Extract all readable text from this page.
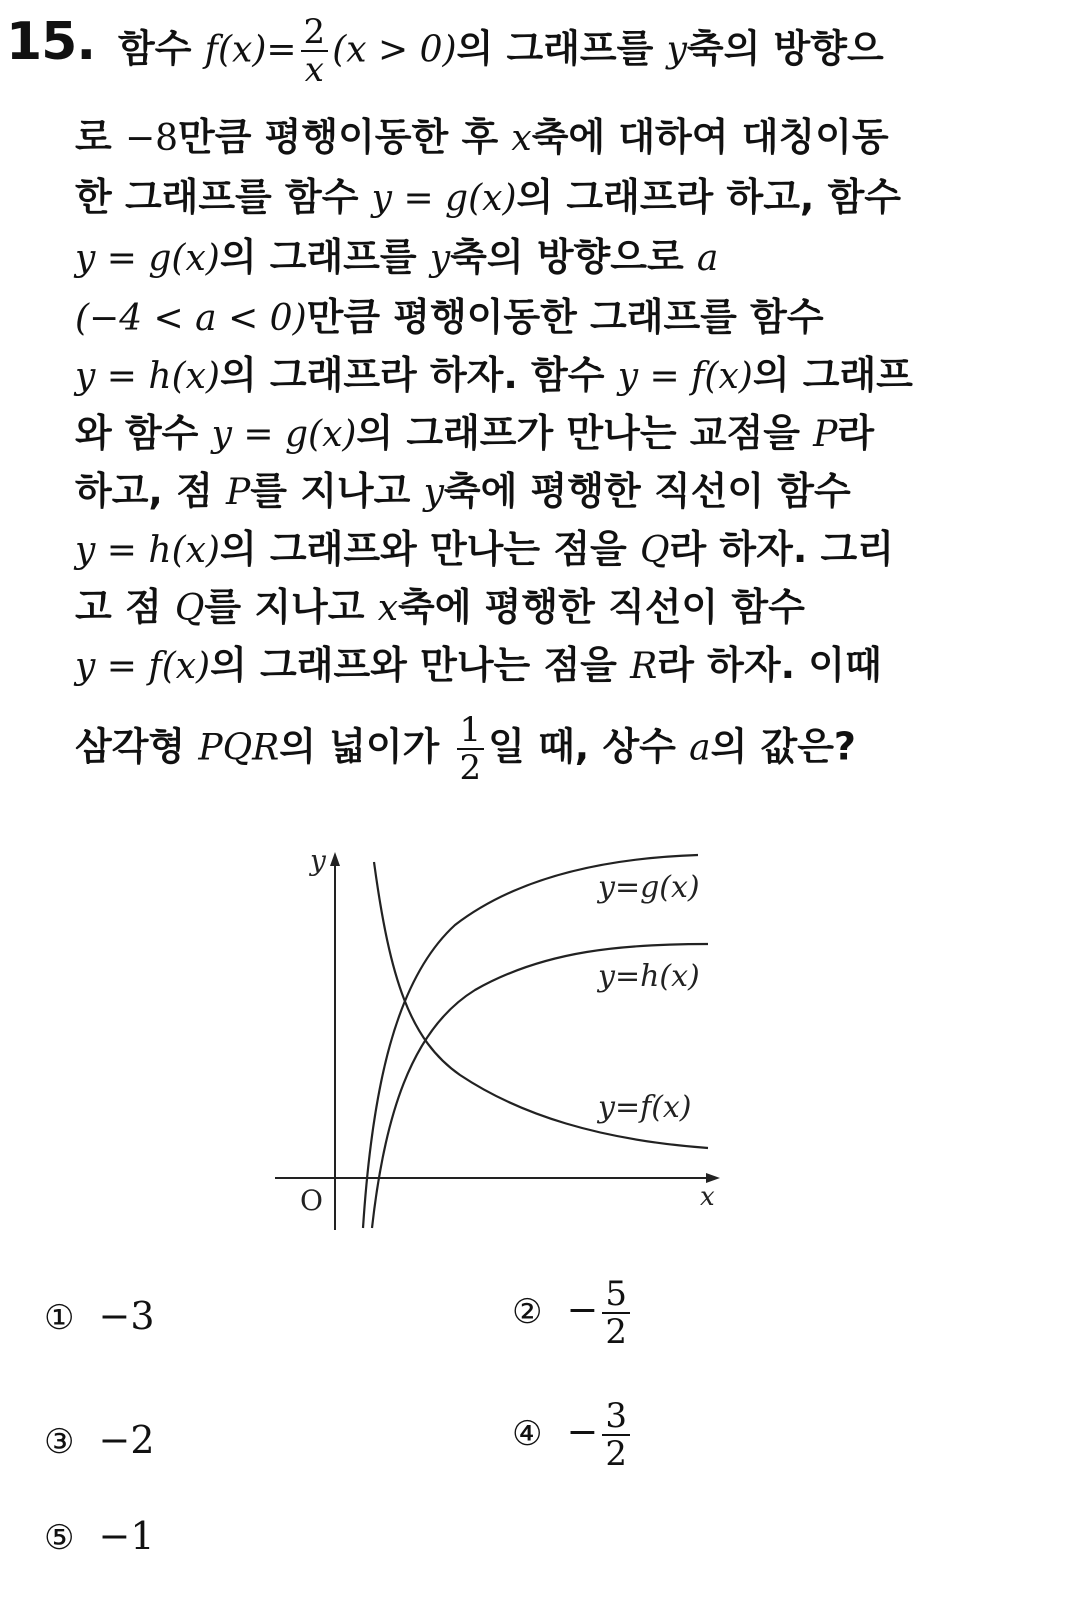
15. 함수 $f(x)= \frac{2}{x} (x > 0)$의 그래프를 y축의 방향으
로 −8만큼 평행이동한 후 x축에 대하여 대칭이동
한 그래프를 함수 y = g(x)의 그래프라 하고, 함수
y = g(x)의 그래프를 y축의 방향으로 a
(−4 < a < 0)만큼 평행이동한 그래프를 함수
y = h(x)의 그래프라 하자. 함수 y = f(x)의 그래프
와 함수 y = g(x)의 그래프가 만나는 교점을 P라
하고, 점 P를 지나고 y축에 평행한 직선이 함수
y = h(x)의 그래프와 만나는 점을 Q라 하자. 그리
고 점 Q를 지나고 x축에 평행한 직선이 함수
y = f(x)의 그래프와 만나는 점을 R라 하자. 이때
삼각형 PQR의 넓이가 $\frac{1}{2}$ 일 때, 상수 a의 값은?
y
x
O
y=g(x)
y=h(x)
y=f(x)
① −3	② − $\frac{5}{2}$
③ −2	④ − $\frac{3}{2}$
⑤ −1
